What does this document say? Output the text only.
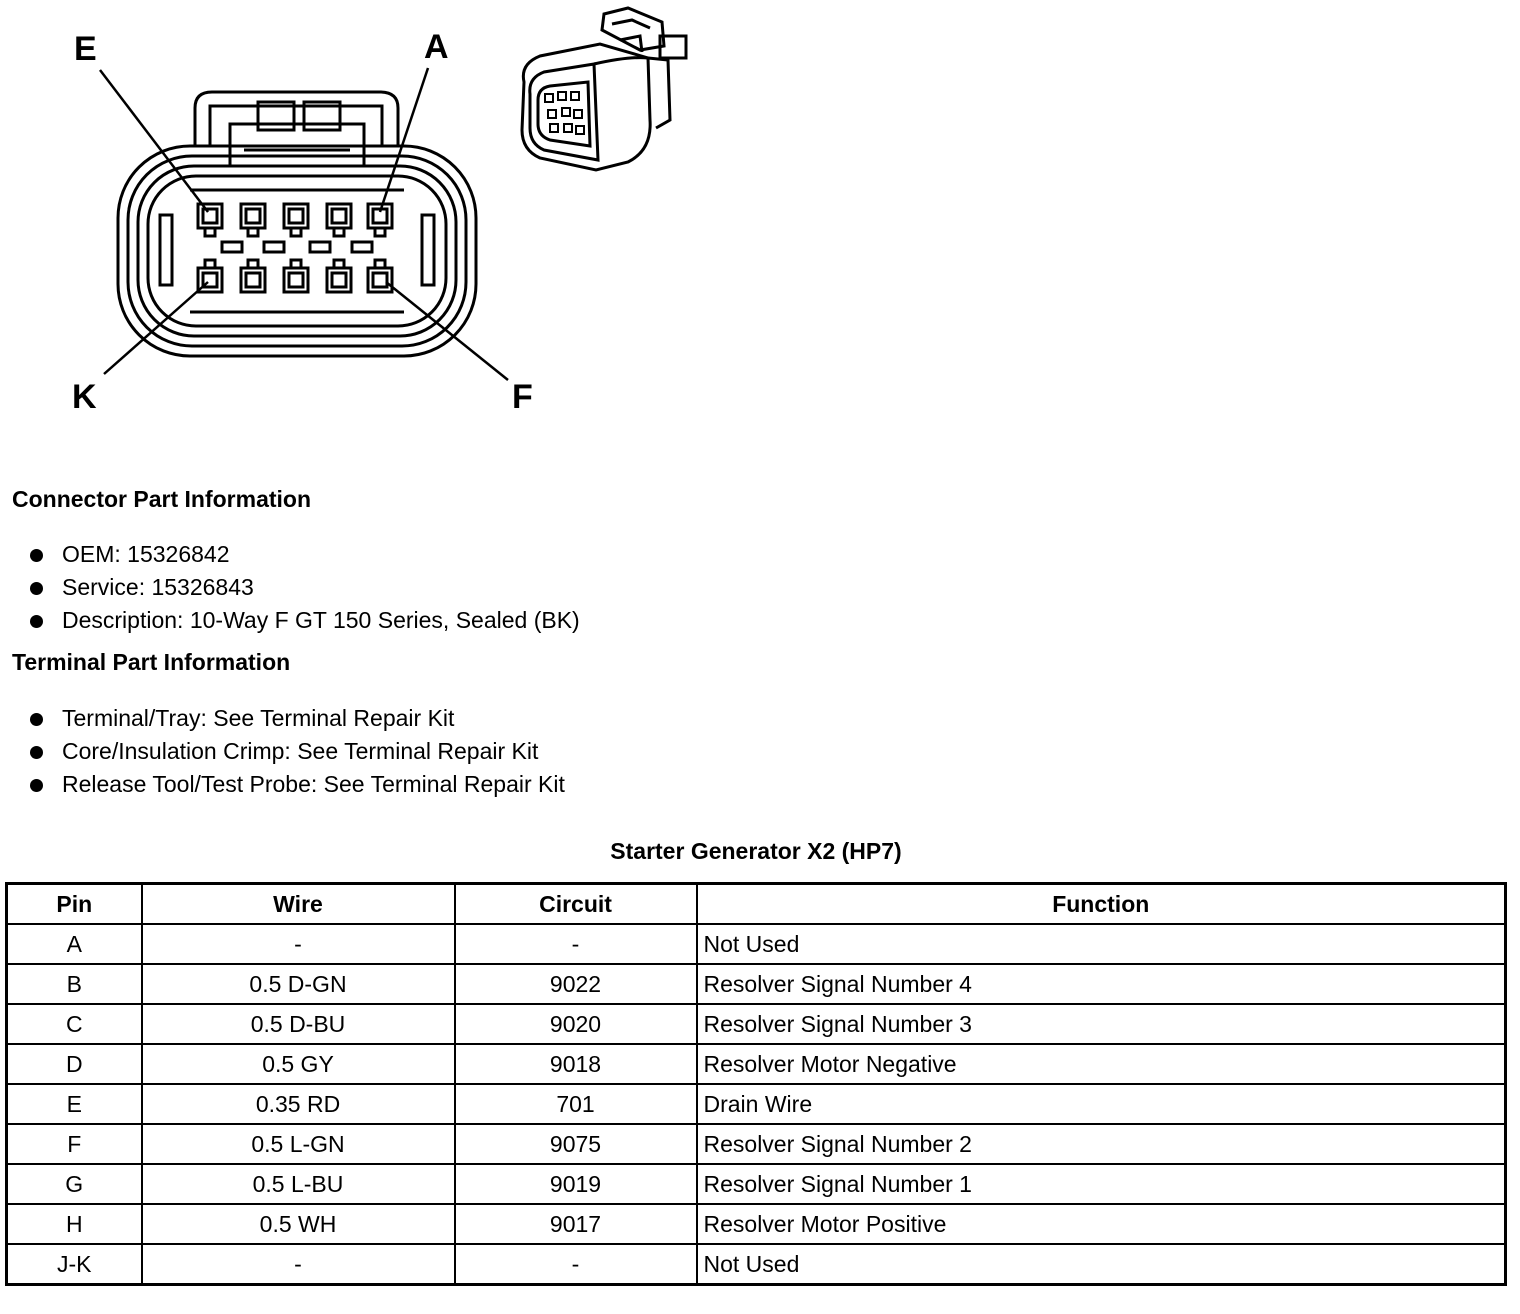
E	A
K	F
Connector Part Information
OEM: 15326842
Service: 15326843
Description: 10-Way F GT 150 Series, Sealed (BK)
Terminal Part Information
Terminal/Tray: See Terminal Repair Kit
Core/Insulation Crimp: See Terminal Repair Kit
Release Tool/Test Probe: See Terminal Repair Kit
Starter Generator X2 (HP7)
Pin	Wire	Circuit	Function
A	-	-	Not Used
B	0.5 D-GN	9022	Resolver Signal Number 4
C	0.5 D-BU	9020	Resolver Signal Number 3
D	0.5 GY	9018	Resolver Motor Negative
E	0.35 RD	701	Drain Wire
F	0.5 L-GN	9075	Resolver Signal Number 2
G	0.5 L-BU	9019	Resolver Signal Number 1
H	0.5 WH	9017	Resolver Motor Positive
J-K	-	-	Not Used
